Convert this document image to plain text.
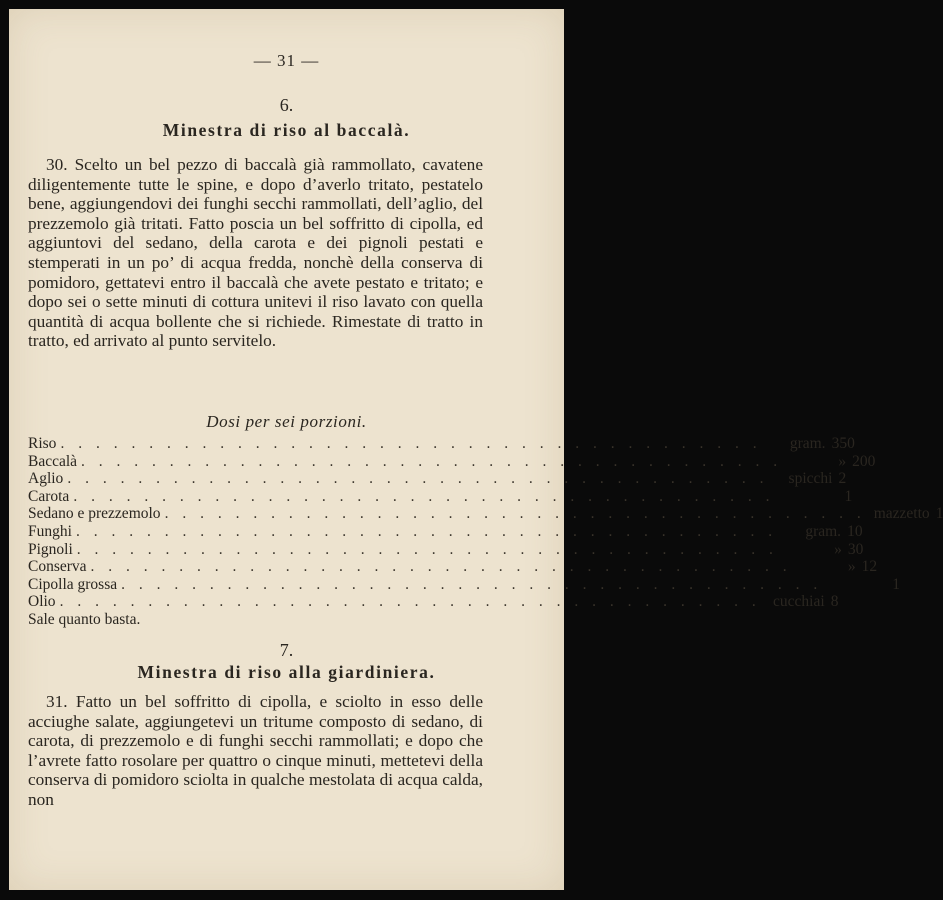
— 31 —
6.
Minestra di riso al baccalà.

30. Scelto un bel pezzo di baccalà già rammollato, cavatene diligentemente tutte le spine, e dopo d’averlo tritato, pestatelo bene, aggiungendovi dei funghi secchi rammollati, dell’aglio, del prezzemolo già tritati. Fatto poscia un bel soffritto di cipolla, ed aggiuntovi del sedano, della carota e dei pignoli pestati e stemperati in un po’ di acqua fredda, nonchè della conserva di pomidoro, gettatevi entro il baccalà che avete pestato e tritato; e dopo sei o sette minuti di cottura unitevi il riso lavato con quella quantità di acqua bollente che si richiede. Rimestate di tratto in tratto, ed arrivato al punto servitelo.

Dosi per sei porzioni.
Riso . . . . . . . . . . . . . . . . . . . . . . . . . . . . . . . . . . . . . . . .	gram. 350
Baccalà . . . . . . . . . . . . . . . . . . . . . . . . . . . . . . . . . . . . . . . .	» 200
Aglio . . . . . . . . . . . . . . . . . . . . . . . . . . . . . . . . . . . . . . . .	spicchi 2
Carota . . . . . . . . . . . . . . . . . . . . . . . . . . . . . . . . . . . . . . . .	1
Sedano e prezzemolo . . . . . . . . . . . . . . . . . . . . . . . . . . . . . . . . . . . . . . . . mazzetto 1
Funghi . . . . . . . . . . . . . . . . . . . . . . . . . . . . . . . . . . . . . . . .	gram. 10
Pignoli . . . . . . . . . . . . . . . . . . . . . . . . . . . . . . . . . . . . . . . .	» 30
Conserva . . . . . . . . . . . . . . . . . . . . . . . . . . . . . . . . . . . . . . . .	» 12
Cipolla grossa . . . . . . . . . . . . . . . . . . . . . . . . . . . . . . . . . . . . . . . .	1
Olio . . . . . . . . . . . . . . . . . . . . . . . . . . . . . . . . . . . . . . . . cucchiai 8
Sale quanto basta.
7.
Minestra di riso alla giardiniera.

31. Fatto un bel soffritto di cipolla, e sciolto in esso delle acciughe salate, aggiungetevi un tritume composto di sedano, di carota, di prezzemolo e di funghi secchi rammollati; e dopo che l’avrete fatto rosolare per quattro o cinque minuti, mettetevi della conserva di pomidoro sciolta in qualche mestolata di acqua calda, non
